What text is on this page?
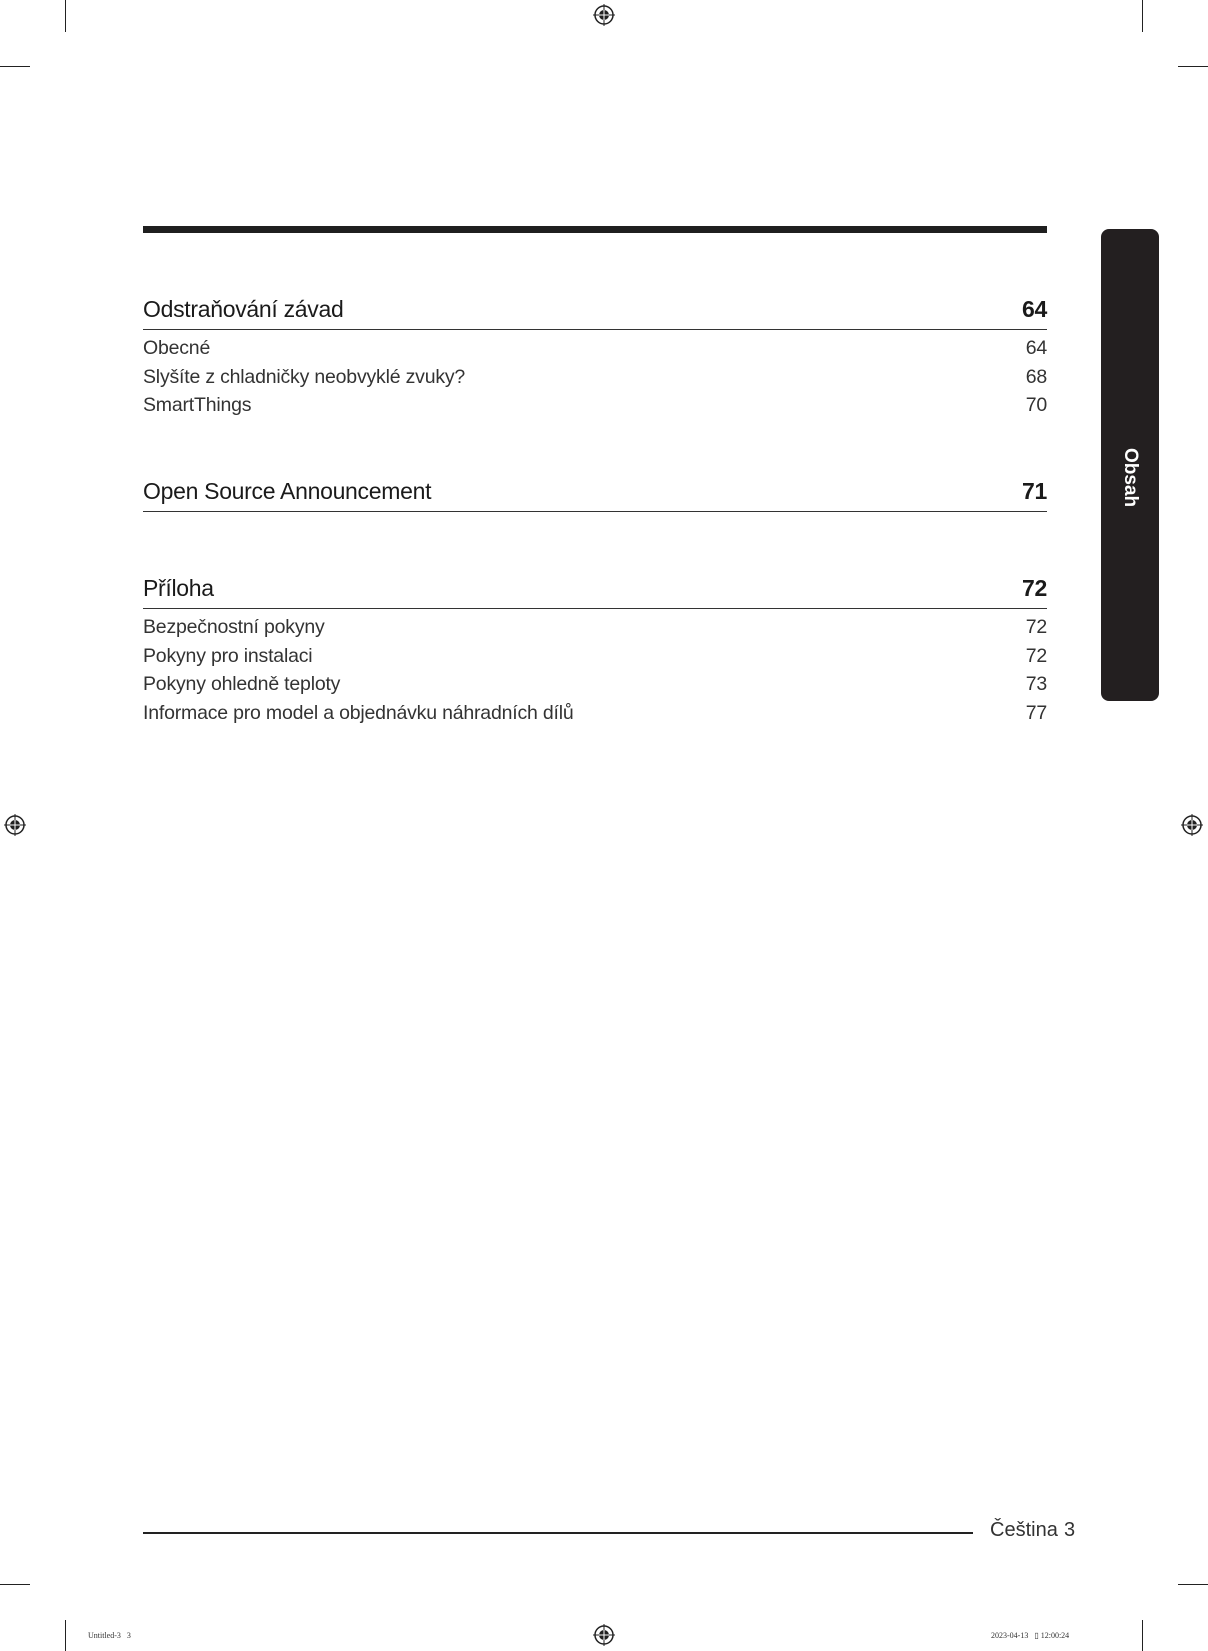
Obsah
Odstraňování závad	64
Obecné	64
Slyšíte z chladničky neobvyklé zvuky?	68
SmartThings	70
Open Source Announcement	71
Příloha	72
Bezpečnostní pokyny	72
Pokyny pro instalaci	72
Pokyny ohledně teploty	73
Informace pro model a objednávku náhradních dílů	77
Čeština 3
Untitled-3   3	2023-04-13   ▯ 12:00:24
